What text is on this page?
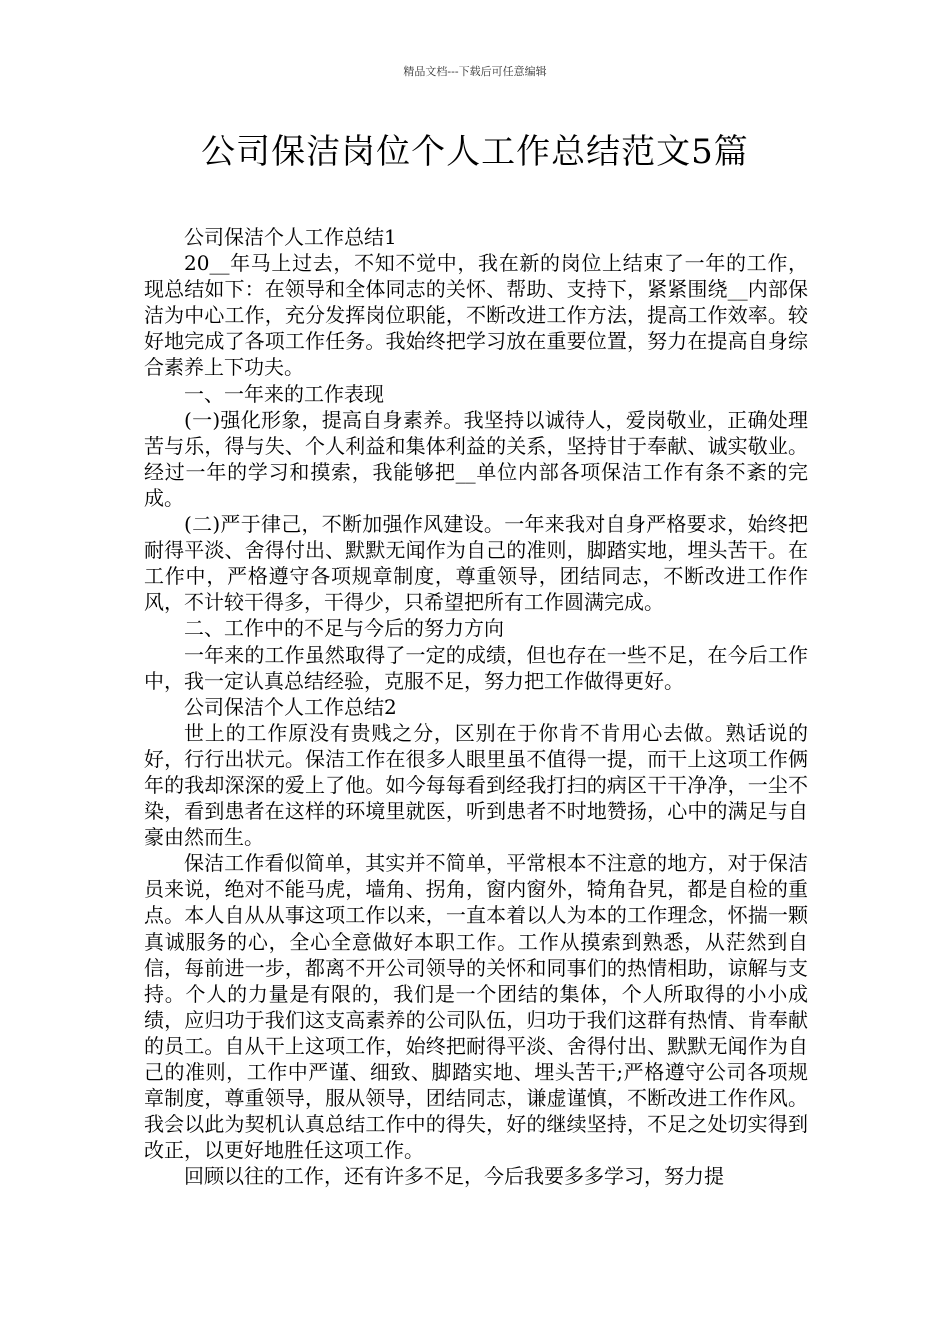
精品文档---下载后可任意编辑
公司保洁岗位个人工作总结范文5篇

公司保洁个人工作总结1

20__年马上过去，不知不觉中，我在新的岗位上结束了一年的工作，现总结如下：在领导和全体同志的关怀、帮助、支持下，紧紧围绕__内部保洁为中心工作，充分发挥岗位职能，不断改进工作方法，提高工作效率。较好地完成了各项工作任务。我始终把学习放在重要位置，努力在提高自身综合素养上下功夫。

一、一年来的工作表现

(一)强化形象，提高自身素养。我坚持以诚待人，爱岗敬业，正确处理苦与乐，得与失、个人利益和集体利益的关系，坚持甘于奉献、诚实敬业。经过一年的学习和摸索，我能够把__单位内部各项保洁工作有条不紊的完成。

(二)严于律己，不断加强作风建设。一年来我对自身严格要求，始终把耐得平淡、舍得付出、默默无闻作为自己的准则，脚踏实地，埋头苦干。在工作中，严格遵守各项规章制度，尊重领导，团结同志，不断改进工作作风，不计较干得多，干得少，只希望把所有工作圆满完成。

二、工作中的不足与今后的努力方向

一年来的工作虽然取得了一定的成绩，但也存在一些不足，在今后工作中，我一定认真总结经验，克服不足，努力把工作做得更好。

公司保洁个人工作总结2

世上的工作原没有贵贱之分，区别在于你肯不肯用心去做。熟话说的好，行行出状元。保洁工作在很多人眼里虽不值得一提，而干上这项工作俩年的我却深深的爱上了他。如今每每看到经我打扫的病区干干净净，一尘不染，看到患者在这样的环境里就医，听到患者不时地赞扬，心中的满足与自豪由然而生。

保洁工作看似简单，其实并不简单，平常根本不注意的地方，对于保洁员来说，绝对不能马虎，墙角、拐角，窗内窗外，犄角旮旯，都是自检的重点。本人自从从事这项工作以来，一直本着以人为本的工作理念，怀揣一颗真诚服务的心，全心全意做好本职工作。工作从摸索到熟悉，从茫然到自信，每前进一步，都离不开公司领导的关怀和同事们的热情相助，谅解与支持。个人的力量是有限的，我们是一个团结的集体，个人所取得的小小成绩，应归功于我们这支高素养的公司队伍，归功于我们这群有热情、肯奉献的员工。自从干上这项工作，始终把耐得平淡、舍得付出、默默无闻作为自己的准则，工作中严谨、细致、脚踏实地、埋头苦干;严格遵守公司各项规章制度，尊重领导，服从领导，团结同志，谦虚谨慎，不断改进工作作风。我会以此为契机认真总结工作中的得失，好的继续坚持，不足之处切实得到改正，以更好地胜任这项工作。

回顾以往的工作，还有许多不足，今后我要多多学习，努力提
